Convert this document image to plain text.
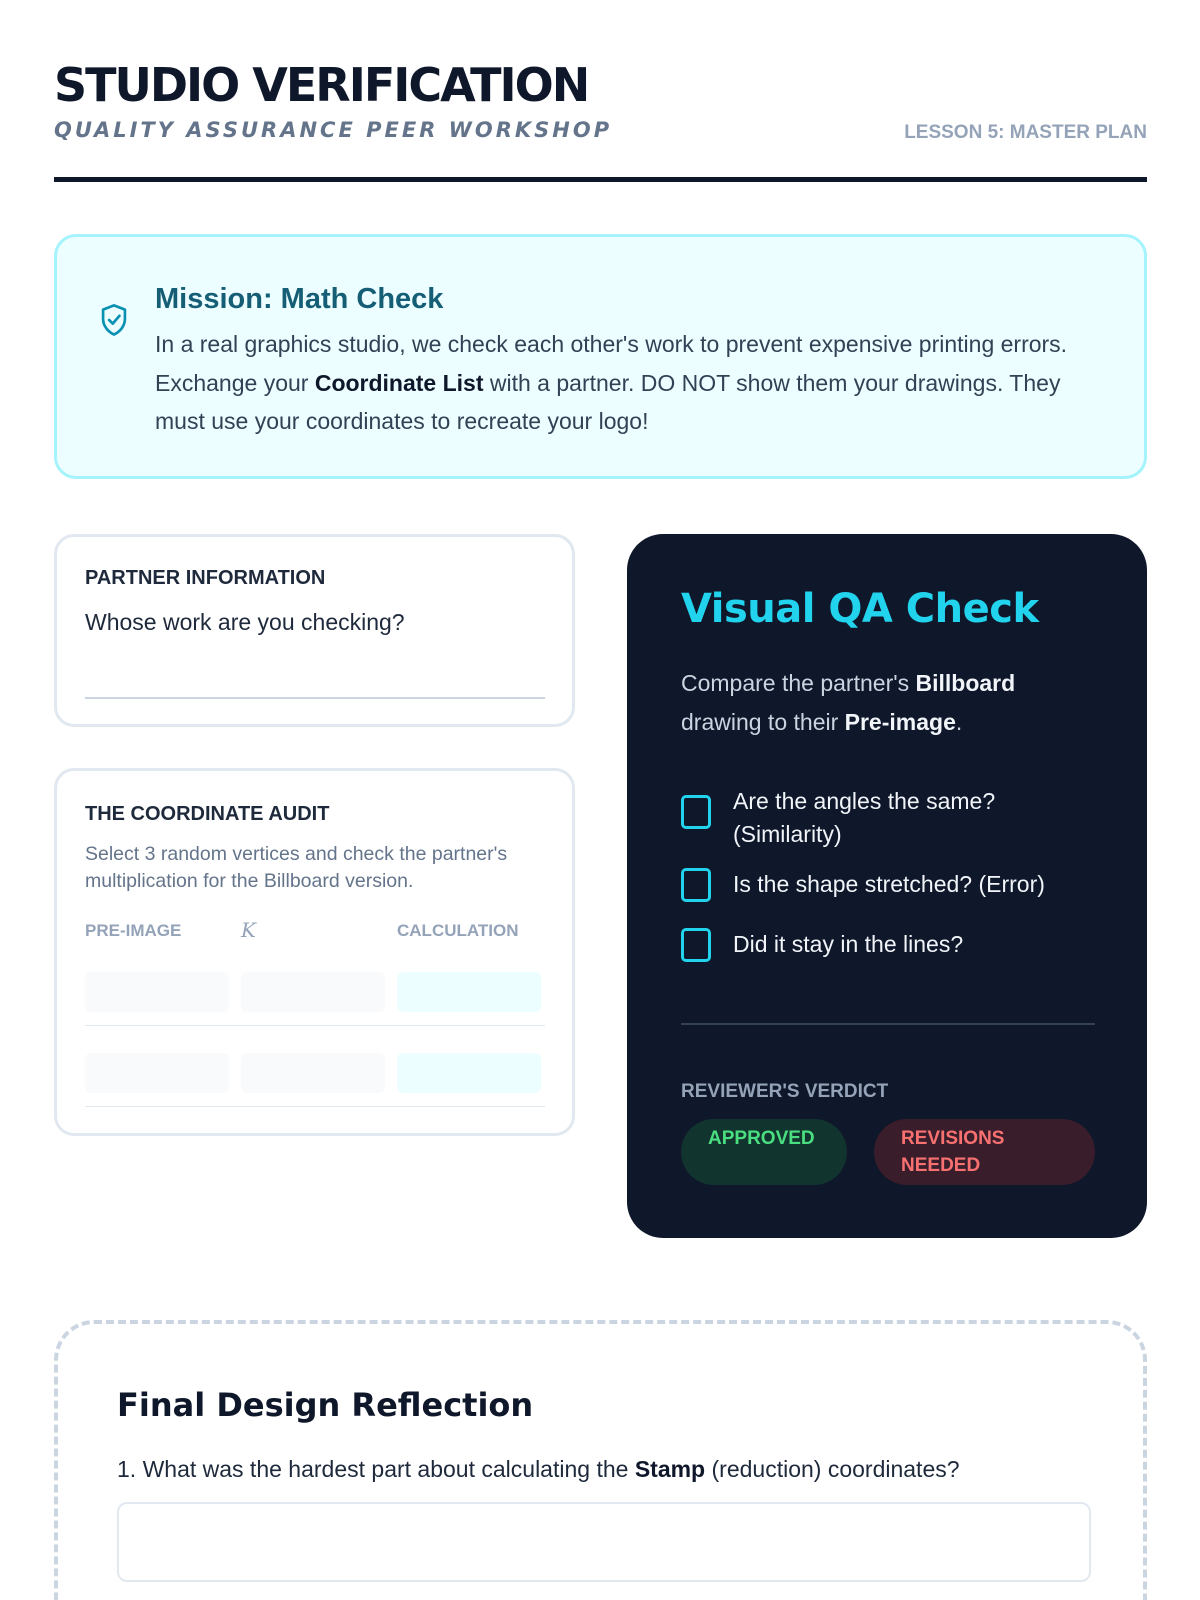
STUDIO VERIFICATION
QUALITY ASSURANCE PEER WORKSHOP	LESSON 5: MASTER PLAN
Mission: Math Check

In a real graphics studio, we check each other's work to prevent expensive printing errors. Exchange your Coordinate List with a partner. DO NOT show them your drawings. They must use your coordinates to recreate your logo!

PARTNER INFORMATION
Whose work are you checking?
THE COORDINATE AUDIT
Select 3 random vertices and check the partner's multiplication for the Billboard version.
PRE-IMAGE	K	CALCULATION
Visual QA Check
Compare the partner's Billboard drawing to their Pre-image.
Are the angles the same? (Similarity)
Is the shape stretched? (Error)
Did it stay in the lines?
REVIEWER'S VERDICT
APPROVED	REVISIONS NEEDED
Final Design Reflection
1. What was the hardest part about calculating the Stamp (reduction) coordinates?
